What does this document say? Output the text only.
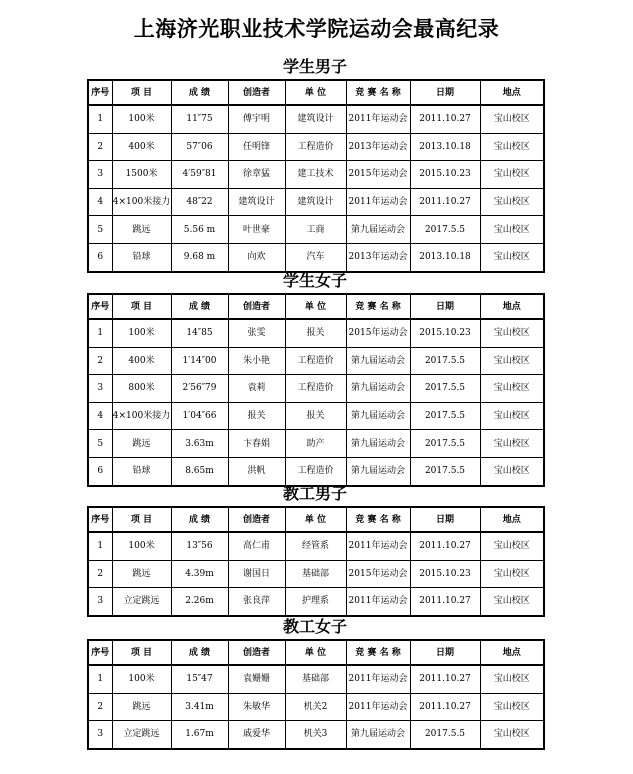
上海济光职业技术学院运动会最高纪录
学生男子
序号	项 目	成 绩	创造者	单 位	竞 赛 名 称	日期	地点
1	100米	11″75	傅宇明	建筑设计	2011年运动会	2011.10.27	宝山校区
2	400米	57″06	任明锋	工程造价	2013年运动会	2013.10.18	宝山校区
3	1500米	4′59″81	徐章猛	建工技术	2015年运动会	2015.10.23	宝山校区
4	4×100米接力	48″22	建筑设计	建筑设计	2011年运动会	2011.10.27	宝山校区
5	跳远	5.56 m	叶世豪	工商	第九届运动会	2017.5.5	宝山校区
6	铅球	9.68 m	向欢	汽车	2013年运动会	2013.10.18	宝山校区
学生女子
序号	项 目	成 绩	创造者	单 位	竞 赛 名 称	日期	地点
1	100米	14″85	张雯	报关	2015年运动会	2015.10.23	宝山校区
2	400米	1′14″00	朱小艳	工程造价	第九届运动会	2017.5.5	宝山校区
3	800米	2′56″79	袁莉	工程造价	第九届运动会	2017.5.5	宝山校区
4	4×100米接力	1′04″66	报关	报关	第九届运动会	2017.5.5	宝山校区
5	跳远	3.63m	卞春娟	助产	第九届运动会	2017.5.5	宝山校区
6	铅球	8.65m	洪帆	工程造价	第九届运动会	2017.5.5	宝山校区
教工男子
序号	项 目	成 绩	创造者	单 位	竞 赛 名 称	日期	地点
1	100米	13″56	高仁甫	经管系	2011年运动会	2011.10.27	宝山校区
2	跳远	4.39m	谢国日	基础部	2015年运动会	2015.10.23	宝山校区
3	立定跳远	2.26m	张良萍	护理系	2011年运动会	2011.10.27	宝山校区
教工女子
序号	项 目	成 绩	创造者	单 位	竞 赛 名 称	日期	地点
1	100米	15″47	袁姗姗	基础部	2011年运动会	2011.10.27	宝山校区
2	跳远	3.41m	朱敏华	机关2	2011年运动会	2011.10.27	宝山校区
3	立定跳远	1.67m	戚爱华	机关3	第九届运动会	2017.5.5	宝山校区
